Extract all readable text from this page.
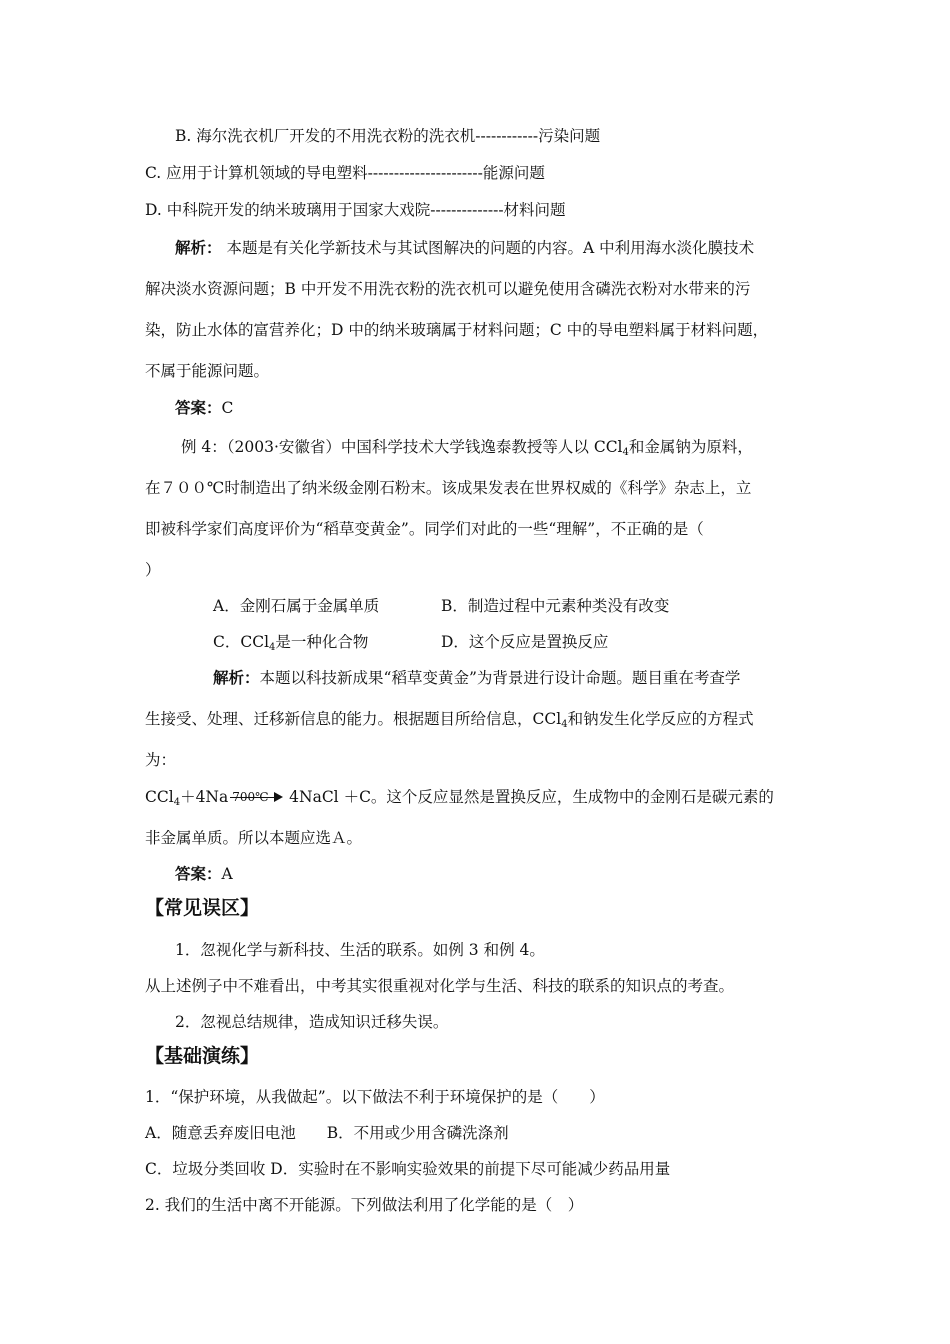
B. 海尔洗衣机厂开发的不用洗衣粉的洗衣机------------污染问题
C. 应用于计算机领域的导电塑料----------------------能源问题
D. 中科院开发的纳米玻璃用于国家大戏院--------------材料问题
解析： 本题是有关化学新技术与其试图解决的问题的内容。A 中利用海水淡化膜技术
解决淡水资源问题；B 中开发不用洗衣粉的洗衣机可以避免使用含磷洗衣粉对水带来的污
染，防止水体的富营养化；D 中的纳米玻璃属于材料问题；C 中的导电塑料属于材料问题，
不属于能源问题。
答案：C
例 4：（2003·安徽省）中国科学技术大学钱逸泰教授等人以 CCl$_4$和金属钠为原料，
在７００℃时制造出了纳米级金刚石粉末。该成果发表在世界权威的《科学》杂志上，立
即被科学家们高度评价为“稻草变黄金”。同学们对此的一些“理解”，不正确的是（
）
A．金刚石属于金属单质	B．制造过程中元素种类没有改变
C．CCl$_4$是一种化合物	D．这个反应是置换反应
解析：本题以科技新成果“稻草变黄金”为背景进行设计命题。题目重在考查学
生接受、处理、迁移新信息的能力。根据题目所给信息，CCl$_4$和钠发生化学反应的方程式
为：
CCl$_4$＋4Na 700℃ 4NaCl ＋C。这个反应显然是置换反应，生成物中的金刚石是碳元素的
非金属单质。所以本题应选Ａ。
答案：A
【常见误区】
1．忽视化学与新科技、生活的联系。如例 3 和例 4。
从上述例子中不难看出，中考其实很重视对化学与生活、科技的联系的知识点的考查。
2．忽视总结规律，造成知识迁移失误。
【基础演练】
1．“保护环境，从我做起”。以下做法不利于环境保护的是（　　）
A．随意丢弃废旧电池　　B．不用或少用含磷洗涤剂
C．垃圾分类回收 D．实验时在不影响实验效果的前提下尽可能减少药品用量
2. 我们的生活中离不开能源。下列做法利用了化学能的是（　）
